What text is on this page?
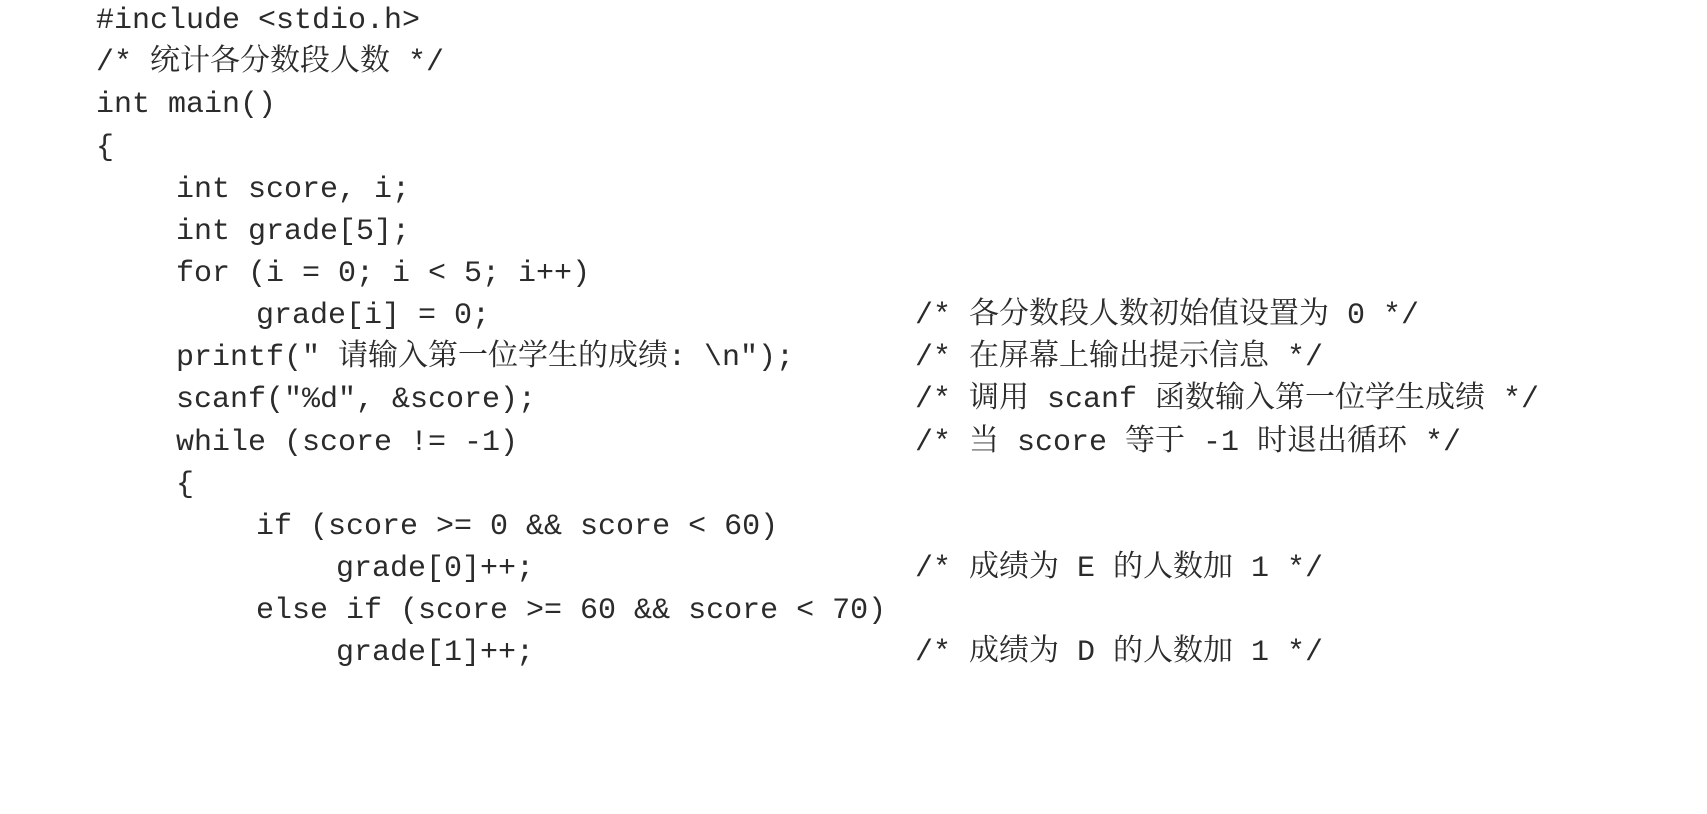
#include <stdio.h>

/* 统计各分数段人数 */

int main()

{

int score, i;

int grade[5];

for (i = 0; i < 5; i++)

grade[i] = 0;

	/* 各分数段人数初始值设置为 0 */

printf(" 请输入第一位学生的成绩: \n");

	/* 在屏幕上输出提示信息 */

scanf("%d", &score);

	/* 调用 scanf 函数输入第一位学生成绩 */

while (score != -1)

	/* 当 score 等于 -1 时退出循环 */

{

if (score >= 0 && score < 60)

grade[0]++;

	/* 成绩为 E 的人数加 1 */

else if (score >= 60 && score < 70)

grade[1]++;

	/* 成绩为 D 的人数加 1 */
